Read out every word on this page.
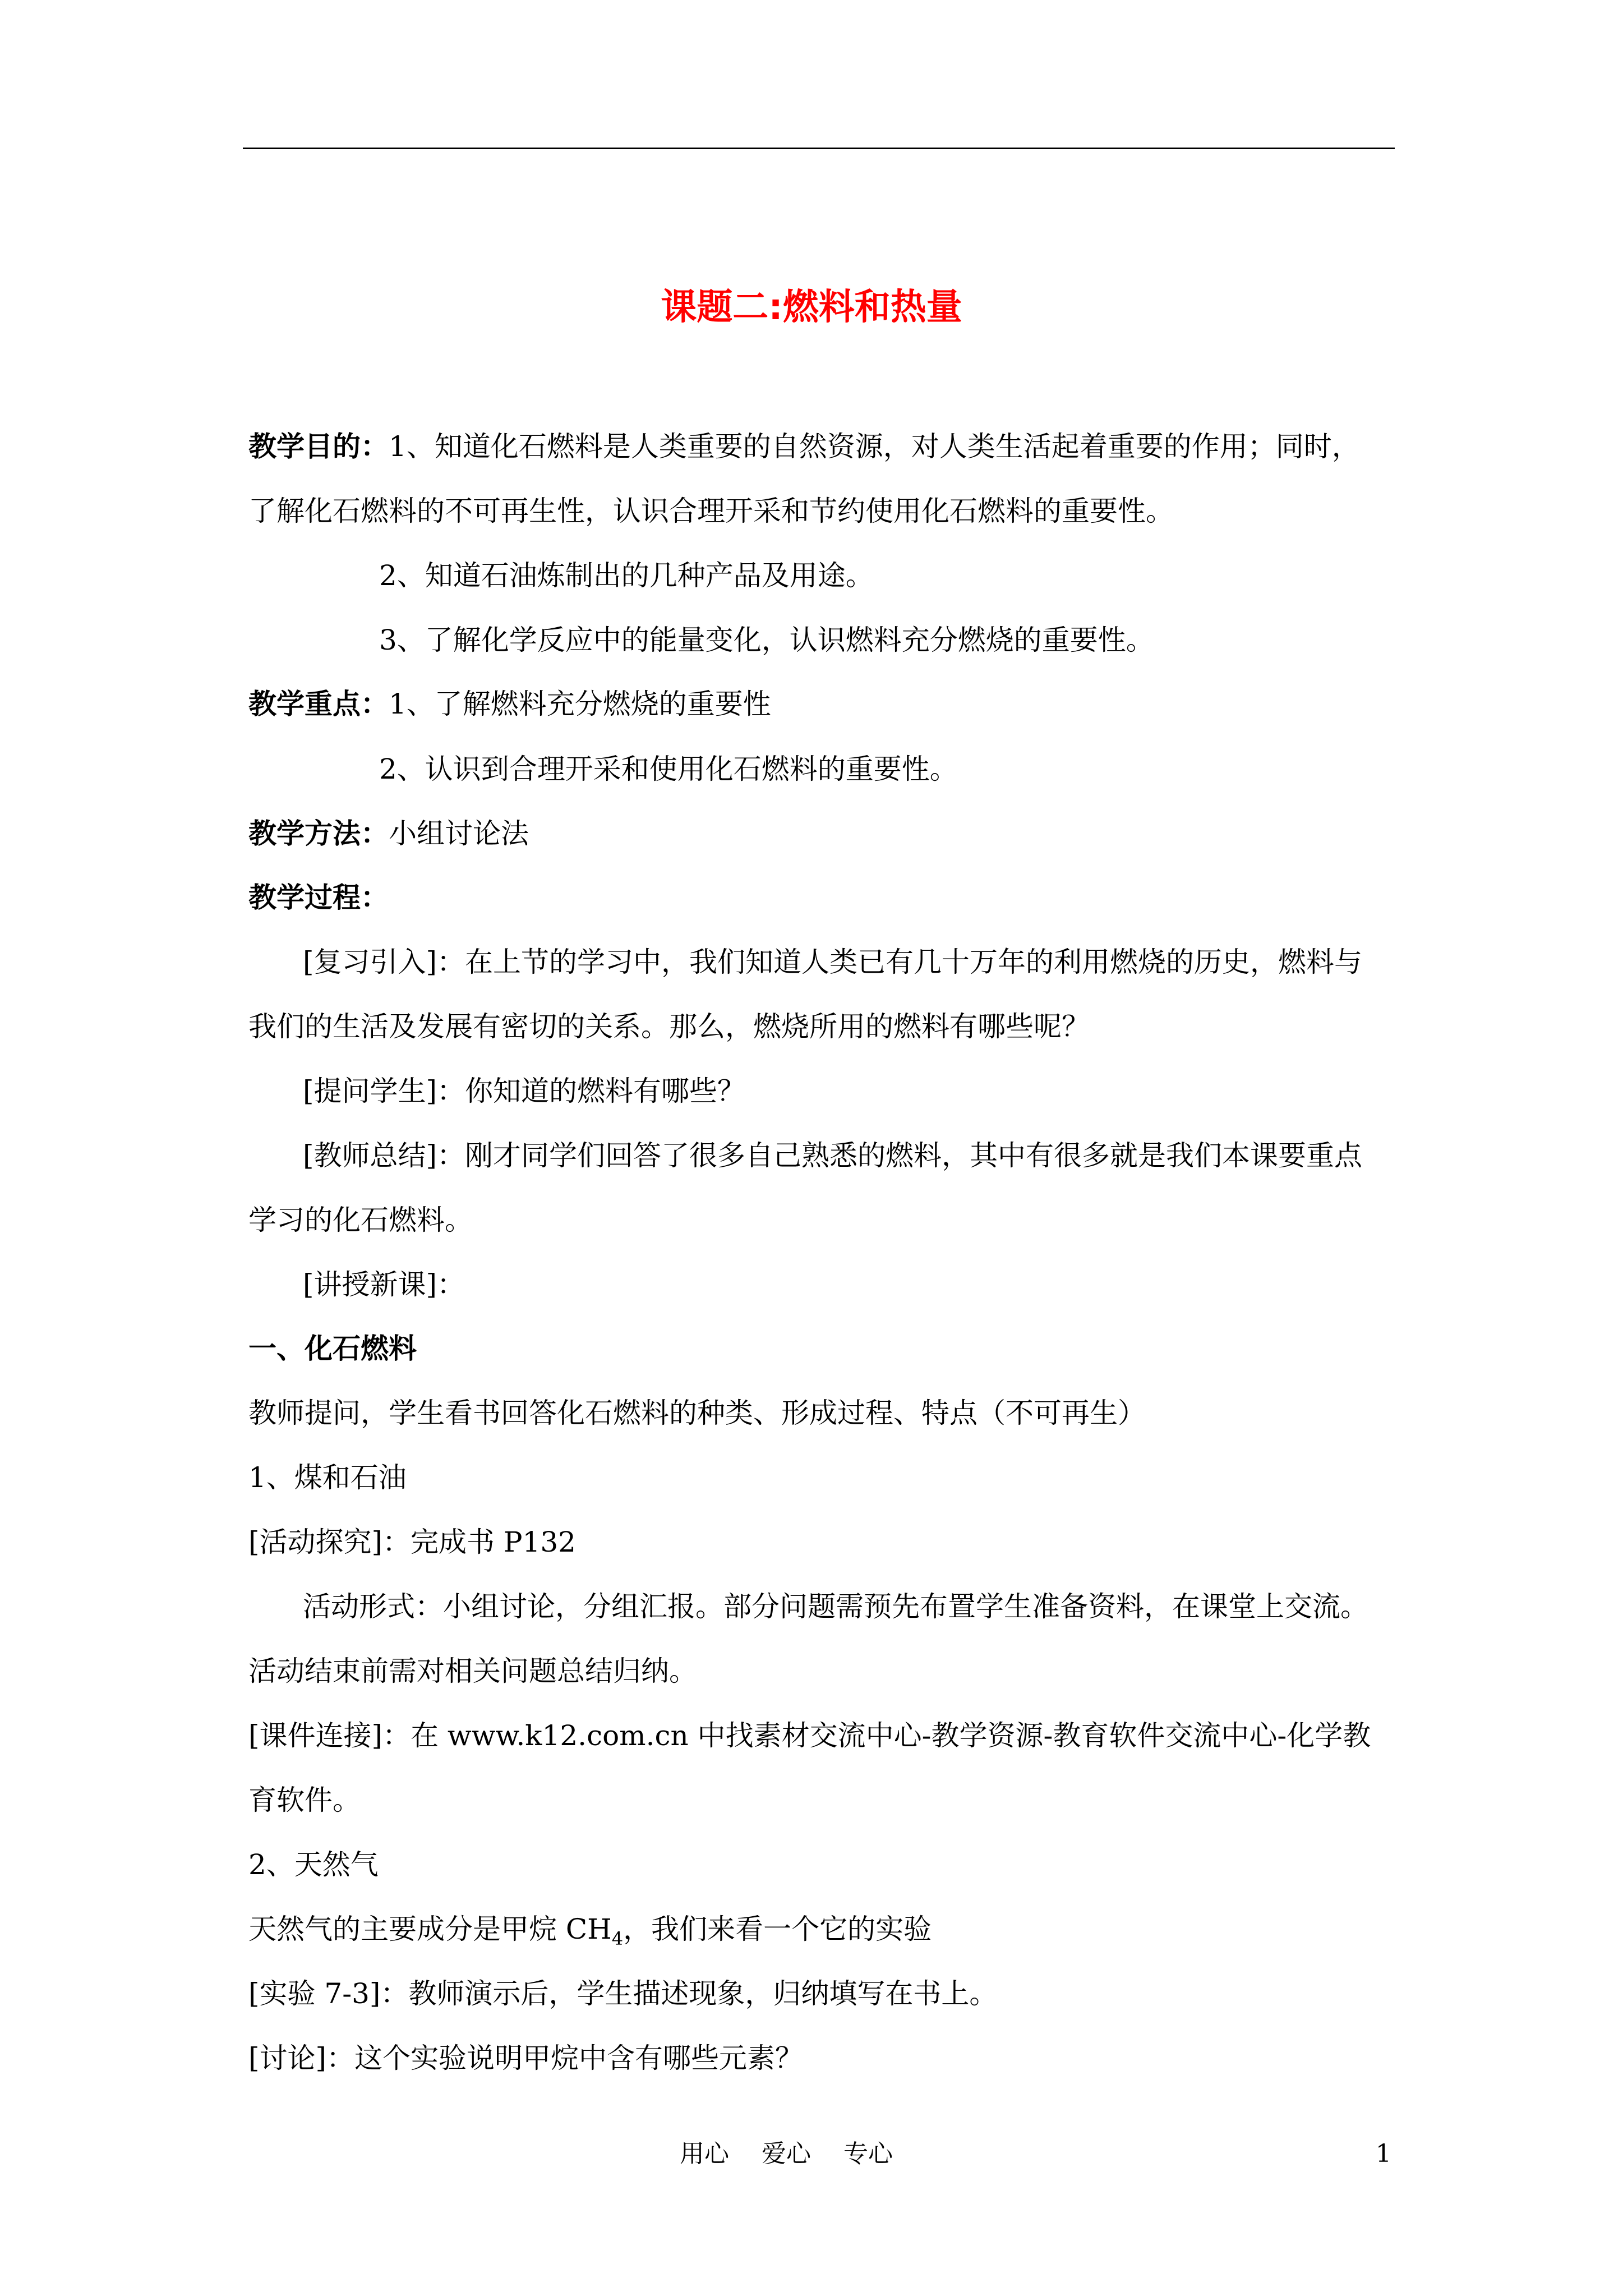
课题二:燃料和热量
教学目的：1、知道化石燃料是人类重要的自然资源，对人类生活起着重要的作用；同时，
了解化石燃料的不可再生性，认识合理开采和节约使用化石燃料的重要性。
2、知道石油炼制出的几种产品及用途。
3、了解化学反应中的能量变化，认识燃料充分燃烧的重要性。
教学重点：1、了解燃料充分燃烧的重要性
2、认识到合理开采和使用化石燃料的重要性。
教学方法：小组讨论法
教学过程：
[复习引入]：在上节的学习中，我们知道人类已有几十万年的利用燃烧的历史，燃料与
我们的生活及发展有密切的关系。那么，燃烧所用的燃料有哪些呢？
[提问学生]：你知道的燃料有哪些？
[教师总结]：刚才同学们回答了很多自己熟悉的燃料，其中有很多就是我们本课要重点
学习的化石燃料。
[讲授新课]：
一、化石燃料
教师提问，学生看书回答化石燃料的种类、形成过程、特点（不可再生）
1、煤和石油
[活动探究]：完成书 P132
活动形式：小组讨论，分组汇报。部分问题需预先布置学生准备资料，在课堂上交流。
活动结束前需对相关问题总结归纳。
[课件连接]：在 www.k12.com.cn 中找素材交流中心-教学资源-教育软件交流中心-化学教
育软件。
2、天然气
天然气的主要成分是甲烷 $CH_4$，我们来看一个它的实验
[实验 7-3]：教师演示后，学生描述现象，归纳填写在书上。
[讨论]：这个实验说明甲烷中含有哪些元素？
用心　 爱心　 专心	1
